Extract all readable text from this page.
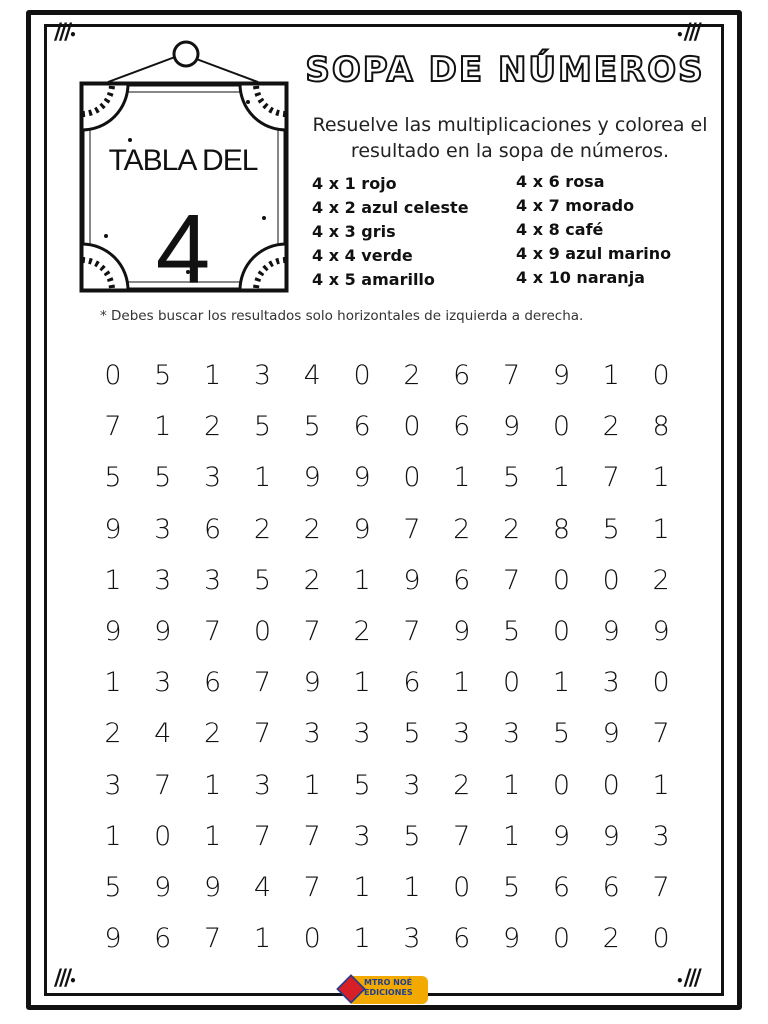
///•	•///
///•	•///
TABLA DEL
4
SOPA DE NÚMEROS
Resuelve las multiplicaciones y colorea el resultado en la sopa de números.
4 x 1 rojo
4 x 2 azul celeste
4 x 3 gris
4 x 4 verde
4 x 5 amarillo
4 x 6 rosa
4 x 7 morado
4 x 8 café
4 x 9 azul marino
4 x 10 naranja
* Debes buscar los resultados solo horizontales de izquierda a derecha.
0	5	1	3	4	0	2	6	7	9	1	0
7	1	2	5	5	6	0	6	9	0	2	8
5	5	3	1	9	9	0	1	5	1	7	1
9	3	6	2	2	9	7	2	2	8	5	1
1	3	3	5	2	1	9	6	7	0	0	2
9	9	7	0	7	2	7	9	5	0	9	9
1	3	6	7	9	1	6	1	0	1	3	0
2	4	2	7	3	3	5	3	3	5	9	7
3	7	1	3	1	5	3	2	1	0	0	1
1	0	1	7	7	3	5	7	1	9	9	3
5	9	9	4	7	1	1	0	5	6	6	7
9	6	7	1	0	1	3	6	9	0	2	0
MTRO NOÉ
EDICIONES
